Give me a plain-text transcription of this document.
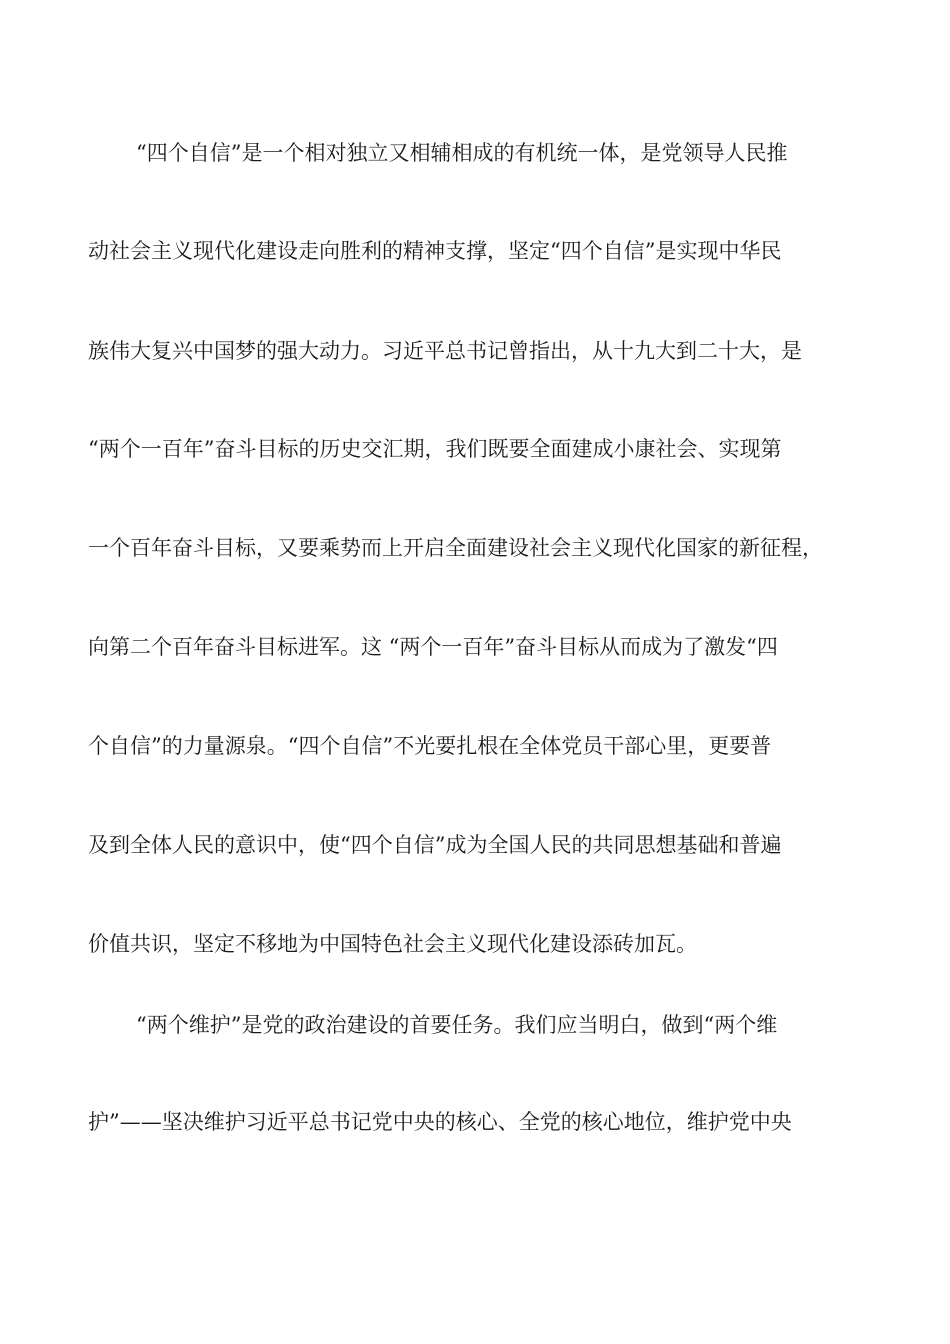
“四个自信”是一个相对独立又相辅相成的有机统一体，是党领导人民推
动社会主义现代化建设走向胜利的精神支撑，坚定“四个自信”是实现中华民
族伟大复兴中国梦的强大动力。习近平总书记曾指出，从十九大到二十大，是
“两个一百年”奋斗目标的历史交汇期，我们既要全面建成小康社会、实现第
一个百年奋斗目标，又要乘势而上开启全面建设社会主义现代化国家的新征程，
向第二个百年奋斗目标进军。这 “两个一百年”奋斗目标从而成为了激发“四
个自信”的力量源泉。“四个自信”不光要扎根在全体党员干部心里，更要普
及到全体人民的意识中，使“四个自信”成为全国人民的共同思想基础和普遍
价值共识，坚定不移地为中国特色社会主义现代化建设添砖加瓦。
“两个维护”是党的政治建设的首要任务。我们应当明白，做到“两个维
护”——坚决维护习近平总书记党中央的核心、全党的核心地位，维护党中央
